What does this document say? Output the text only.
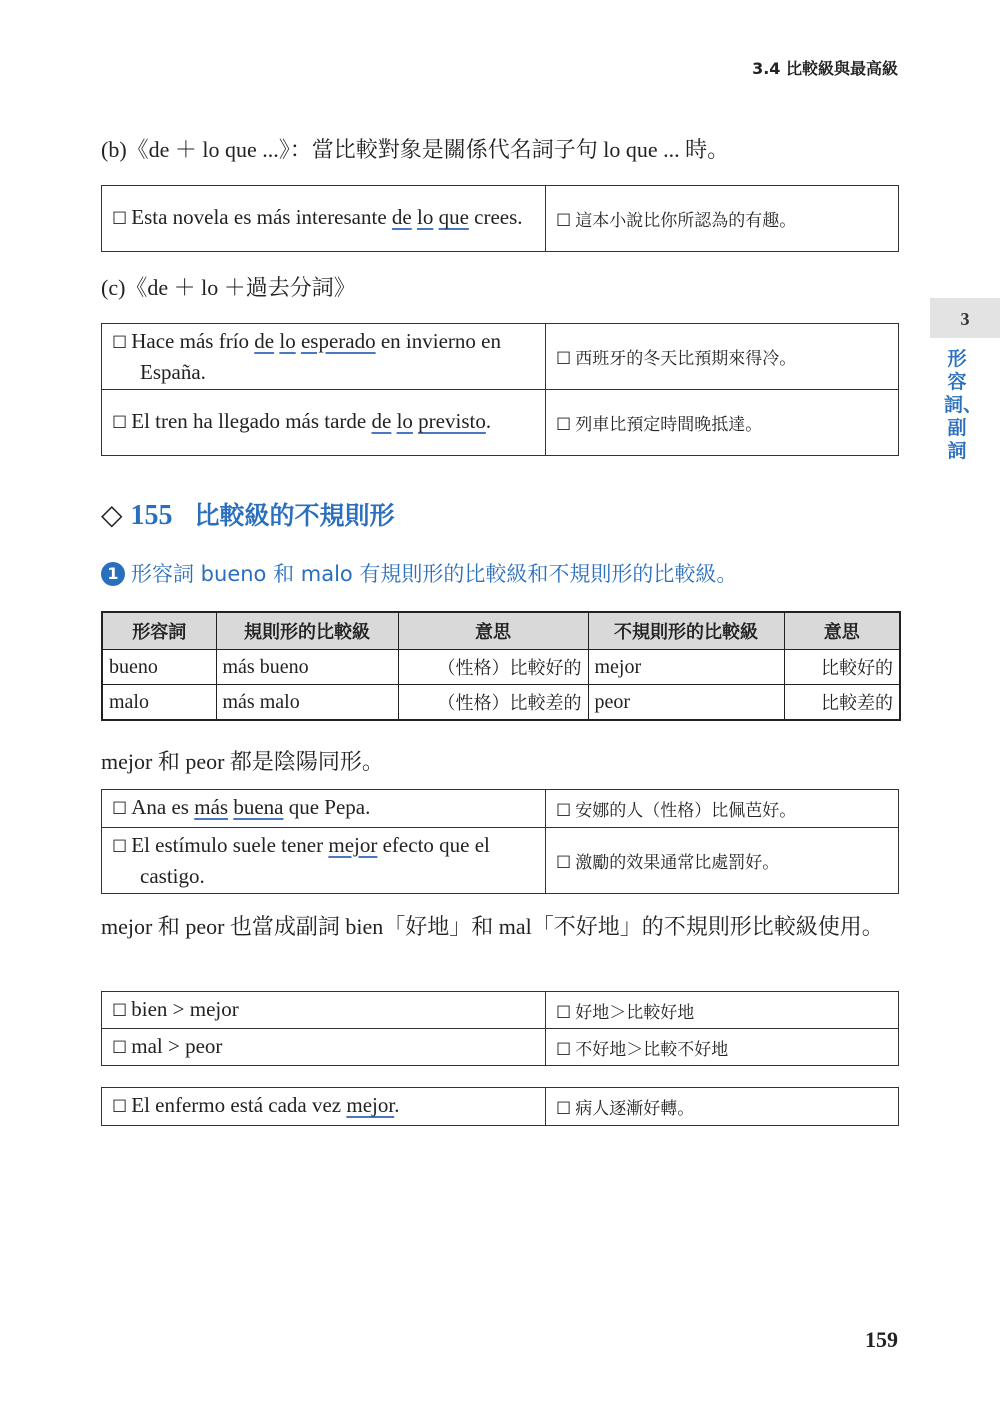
3.4 比較級與最高級
3
形容詞、副詞
(b)《de ＋ lo que ...》：當比較對象是關係代名詞子句 lo que ... 時。
☐ Esta novela es más interesante de lo que crees.	☐ 這本小說比你所認為的有趣。
(c)《de ＋ lo ＋過去分詞》
☐ Hace más frío de lo esperado en invierno en España.	☐ 西班牙的冬天比預期來得冷。

☐ El tren ha llegado más tarde de lo previsto.	☐ 列車比預定時間晚抵達。
◇ 155 比較級的不規則形
1 形容詞 bueno 和 malo 有規則形的比較級和不規則形的比較級。
形容詞	規則形的比較級	意思	不規則形的比較級	意思
bueno	más bueno	（性格）比較好的	mejor	比較好的
malo	más malo	（性格）比較差的	peor	比較差的
mejor 和 peor 都是陰陽同形。
☐ Ana es más buena que Pepa.	☐ 安娜的人（性格）比佩芭好。

☐ El estímulo suele tener mejor efecto que el castigo.	☐ 激勵的效果通常比處罰好。
mejor 和 peor 也當成副詞 bien「好地」和 mal「不好地」的不規則形比較級使用。
☐ bien > mejor	☐ 好地＞比較好地
☐ mal > peor	☐ 不好地＞比較不好地
☐ El enfermo está cada vez mejor.	☐ 病人逐漸好轉。
159
